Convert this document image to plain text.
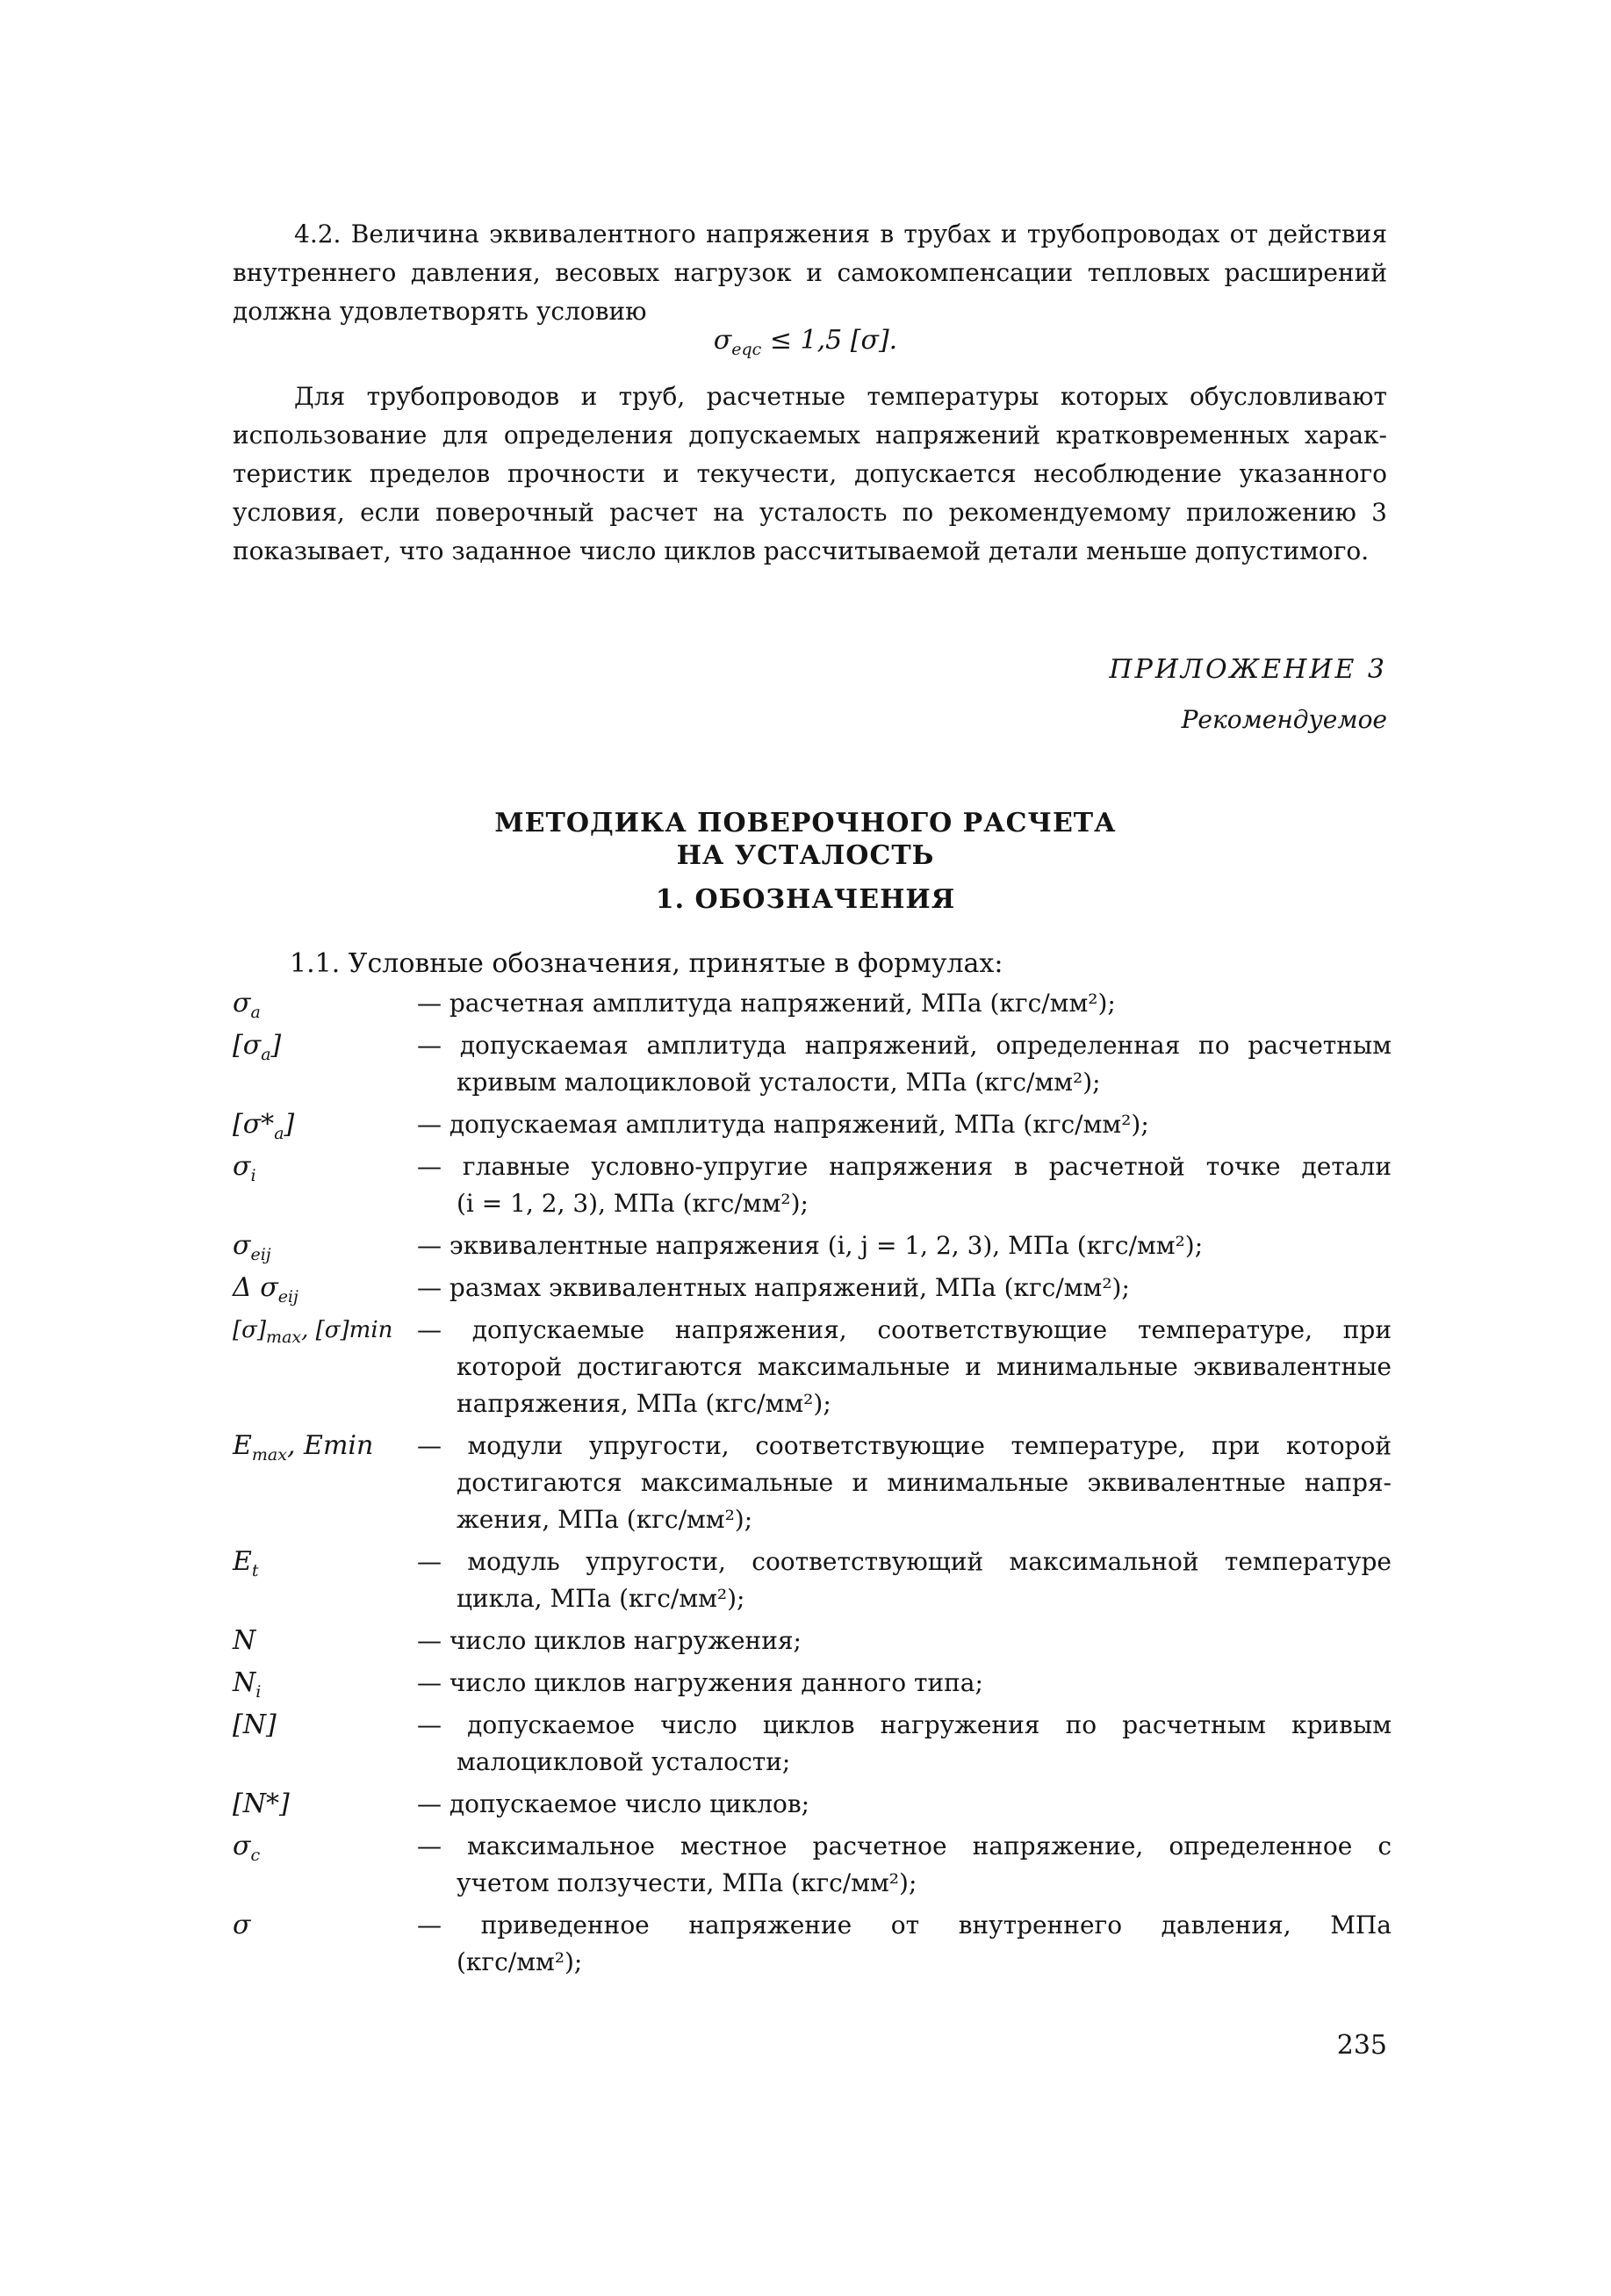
4.2. Величина эквивалентного напряжения в трубах и трубопроводах от действия
внутреннего давления, весовых нагрузок и самокомпенсации тепловых расширений
должна удовлетворять условию
$\sigma_{eqc} \le 1,5$ [σ].
Для трубопроводов и труб, расчетные температуры которых обусловливают
использование для определения допускаемых напряжений кратковременных харак-
теристик пределов прочности и текучести, допускается несоблюдение указанного
условия, если поверочный расчет на усталость по рекомендуемому приложению 3
показывает, что заданное число циклов рассчитываемой детали меньше допустимого.
ПРИЛОЖЕНИЕ 3
Рекомендуемое
МЕТОДИКА ПОВЕРОЧНОГО РАСЧЕТА
НА УСТАЛОСТЬ
1. ОБОЗНАЧЕНИЯ
1.1. Условные обозначения, принятые в формулах:
$\sigma_a$	— расчетная амплитуда напряжений, МПа (кгс/мм²);
$[\sigma_a]$	— допускаемая амплитуда напряжений, определенная по расчетным
кривым малоцикловой усталости, МПа (кгс/мм²);
$[\sigma*_a]$	— допускаемая амплитуда напряжений, МПа (кгс/мм²);
$\sigma_i$	— главные условно-упругие напряжения в расчетной точке детали
(i = 1, 2, 3), МПа (кгс/мм²);
$\sigma_{eij}$	— эквивалентные напряжения (i, j = 1, 2, 3), МПа (кгс/мм²);
Δ $\sigma_{eij}$	— размах эквивалентных напряжений, МПа (кгс/мм²);
$[\sigma]_{max}$, [σ]min — допускаемые напряжения, соответствующие температуре, при
которой достигаются максимальные и минимальные эквивалентные
напряжения, МПа (кгс/мм²);
$E_{max}$, Emin — модули упругости, соответствующие температуре, при которой
достигаются максимальные и минимальные эквивалентные напря-
жения, МПа (кгс/мм²);
$E_t$	— модуль упругости, соответствующий максимальной температуре
цикла, МПа (кгс/мм²);
N	— число циклов нагружения;
$N_i$	— число циклов нагружения данного типа;
[N]	— допускаемое число циклов нагружения по расчетным кривым
малоцикловой усталости;
[N*]	— допускаемое число циклов;
$\sigma_c$	— максимальное местное расчетное напряжение, определенное с
учетом ползучести, МПа (кгс/мм²);
σ	— приведенное напряжение от внутреннего давления, МПа
(кгс/мм²);
235
